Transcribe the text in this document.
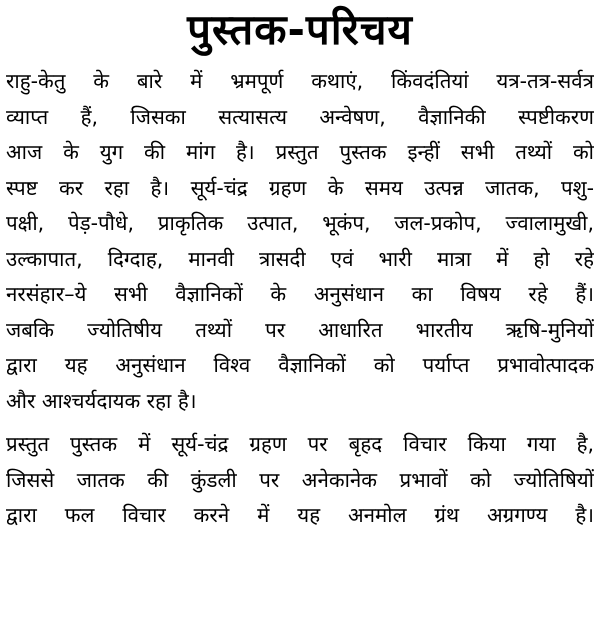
पुस्तक-परिचय
राहु-केतु के बारे में भ्रमपूर्ण कथाएं, किंवदंतियां यत्र-तत्र-सर्वत्र
व्याप्त हैं, जिसका सत्यासत्य अन्वेषण, वैज्ञानिकी स्पष्टीकरण
आज के युग की मांग है। प्रस्तुत पुस्तक इन्हीं सभी तथ्यों को
स्पष्ट कर रहा है। सूर्य-चंद्र ग्रहण के समय उत्पन्न जातक, पशु-
पक्षी, पेड़-पौधे, प्राकृतिक उत्पात, भूकंप, जल-प्रकोप, ज्वालामुखी,
उल्कापात, दिग्दाह, मानवी त्रासदी एवं भारी मात्रा में हो रहे
नरसंहार–ये सभी वैज्ञानिकों के अनुसंधान का विषय रहे हैं।
जबकि ज्योतिषीय तथ्यों पर आधारित भारतीय ऋषि-मुनियों
द्वारा यह अनुसंधान विश्व वैज्ञानिकों को पर्याप्त प्रभावोत्पादक
और आश्चर्यदायक रहा है।
प्रस्तुत पुस्तक में सूर्य-चंद्र ग्रहण पर बृहद विचार किया गया है,
जिससे जातक की कुंडली पर अनेकानेक प्रभावों को ज्योतिषियों
द्वारा फल विचार करने में यह अनमोल ग्रंथ अग्रगण्य है।
